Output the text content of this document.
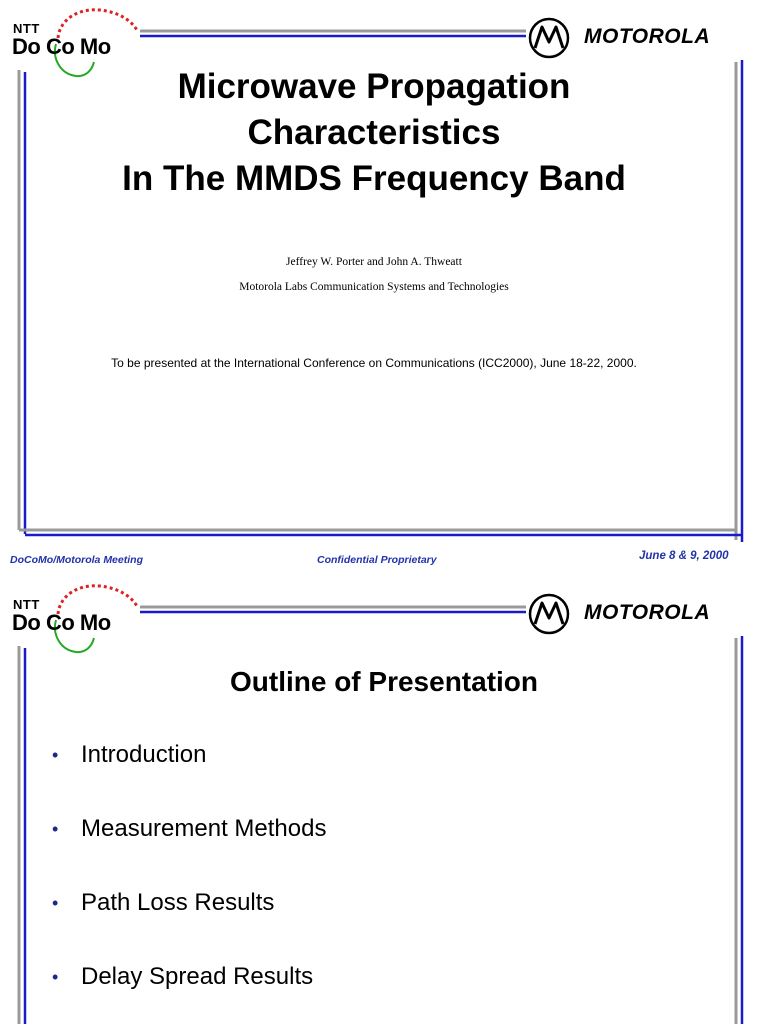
NTT
Do Co Mo	MOTOROLA
Microwave Propagation
Characteristics
In The MMDS Frequency Band
Jeffrey W. Porter and John A. Thweatt
Motorola Labs Communication Systems and Technologies
To be presented at the International Conference on Communications (ICC2000), June 18-22, 2000.
DoCoMo/Motorola Meeting	Confidential Proprietary	June 8 & 9, 2000
NTT
Do Co Mo	MOTOROLA
Outline of Presentation
• Introduction
• Measurement Methods
• Path Loss Results
• Delay Spread Results
